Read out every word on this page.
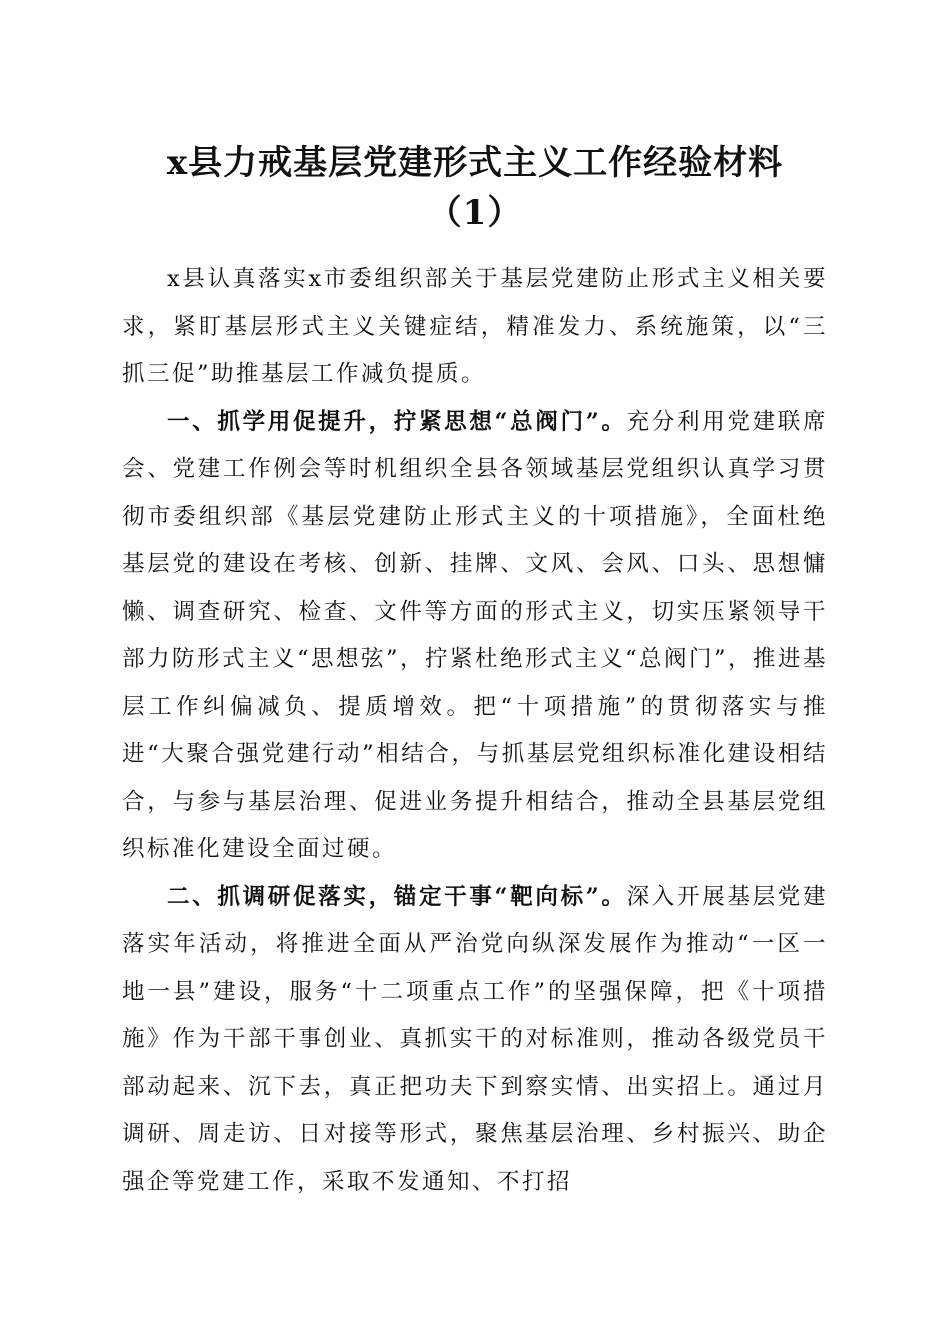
x县力戒基层党建形式主义工作经验材料
（1）

x县认真落实x市委组织部关于基层党建防止形式主义相关要求，紧盯基层形式主义关键症结，精准发力、系统施策，以“三抓三促”助推基层工作减负提质。

一、抓学用促提升，拧紧思想“总阀门”。充分利用党建联席会、党建工作例会等时机组织全县各领域基层党组织认真学习贯彻市委组织部《基层党建防止形式主义的十项措施》，全面杜绝基层党的建设在考核、创新、挂牌、文风、会风、口头、思想慵懒、调查研究、检查、文件等方面的形式主义，切实压紧领导干部力防形式主义“思想弦”，拧紧杜绝形式主义“总阀门”，推进基层工作纠偏减负、提质增效。把“十项措施”的贯彻落实与推进“大聚合强党建行动”相结合，与抓基层党组织标准化建设相结合，与参与基层治理、促进业务提升相结合，推动全县基层党组织标准化建设全面过硬。

二、抓调研促落实，锚定干事“靶向标”。深入开展基层党建落实年活动，将推进全面从严治党向纵深发展作为推动“一区一地一县”建设，服务“十二项重点工作”的坚强保障，把《十项措施》作为干部干事创业、真抓实干的对标准则，推动各级党员干部动起来、沉下去，真正把功夫下到察实情、出实招上。通过月调研、周走访、日对接等形式，聚焦基层治理、乡村振兴、助企强企等党建工作，采取不发通知、不打招
